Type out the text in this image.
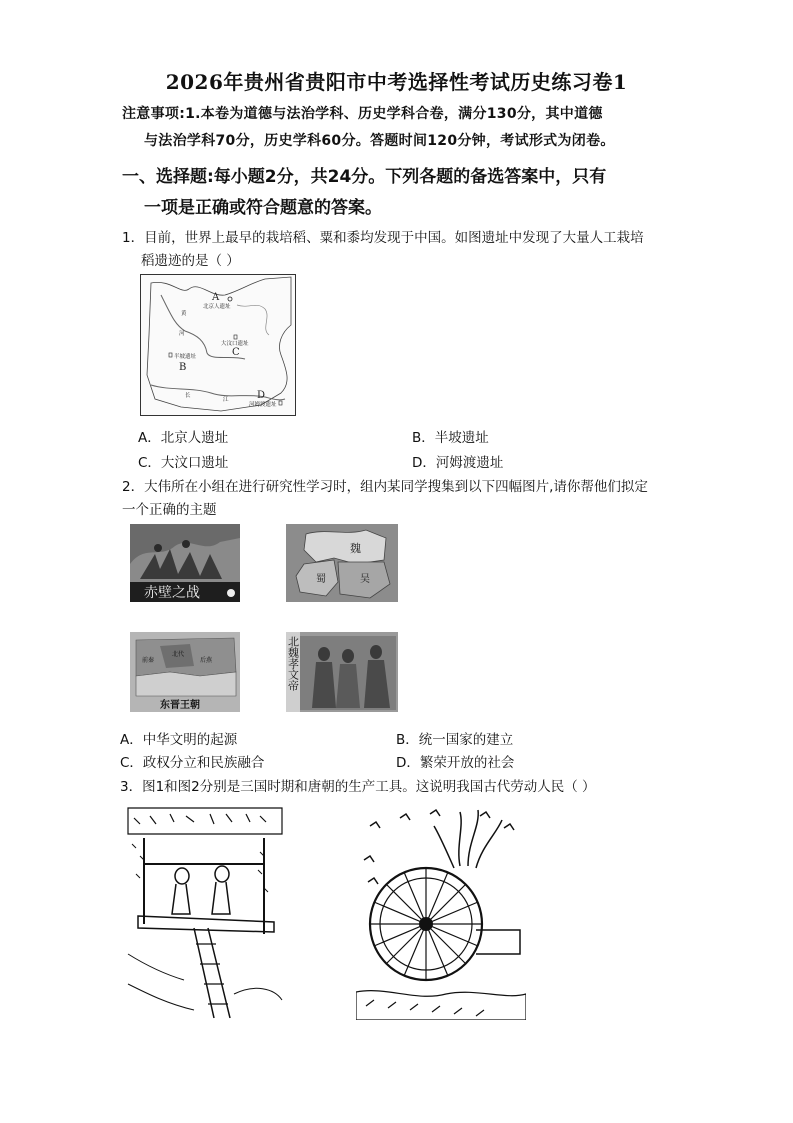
2026年贵州省贵阳市中考选择性考试历史练习卷1
注意事项:1.本卷为道德与法治学科、历史学科合卷，满分130分，其中道德
与法治学科70分，历史学科60分。答题时间120分钟，考试形式为闭卷。
一、选择题:每小题2分，共24分。下列各题的备选答案中，只有
一项是正确或符合题意的答案。
1．目前，世界上最早的栽培稻、粟和黍均发现于中国。如图遗址中发现了大量人工栽培
稻遗迹的是（ ）
A
北京人遗址
大汶口遗址
C
半坡遗址
B
D
河姆渡遗址
黄
河
长
江
A．北京人遗址	B．半坡遗址
C．大汶口遗址	D．河姆渡遗址
2．大伟所在小组在进行研究性学习时，组内某同学搜集到以下四幅图片,请你帮他们拟定
一个正确的主题
赤壁之战
魏
蜀	吴
北代
前秦	后燕
东晋王朝
北魏孝文帝
A．中华文明的起源	B．统一国家的建立
C．政权分立和民族融合	D．繁荣开放的社会
3．图1和图2分别是三国时期和唐朝的生产工具。这说明我国古代劳动人民（ ）
